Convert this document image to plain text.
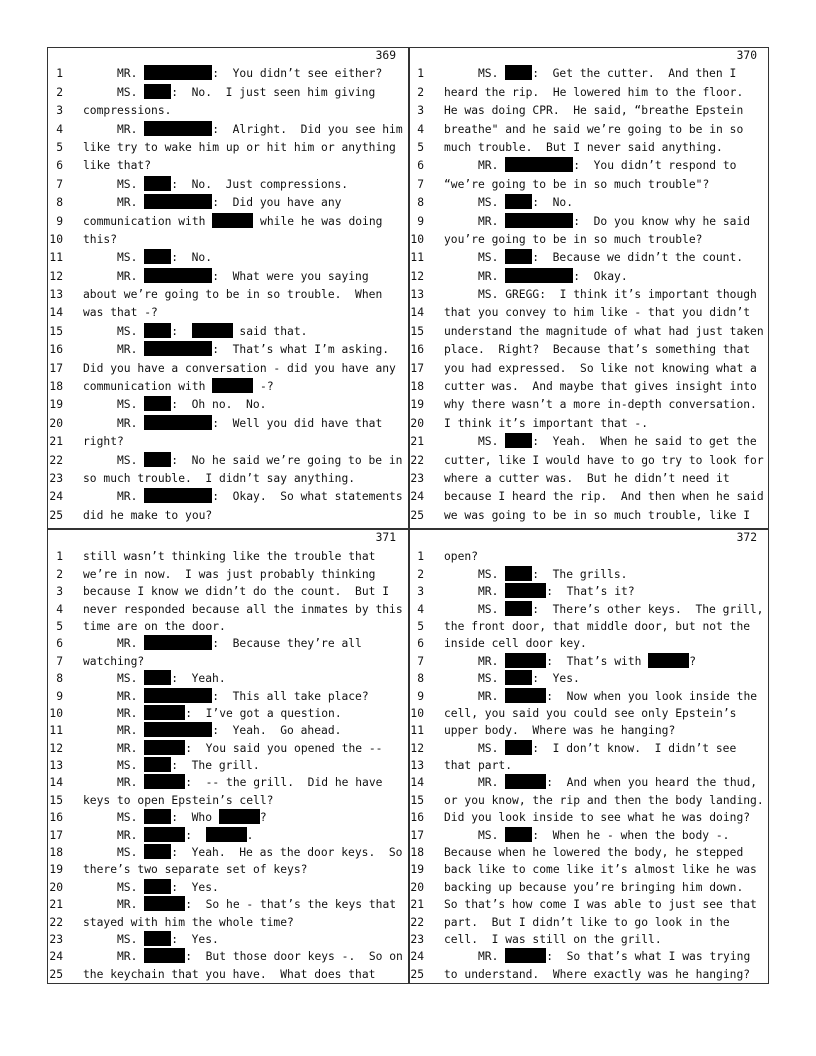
369
1	MR.	:  You didn’t see either?
2	MS. :  No.  I just seen him giving
3 compressions.
4	MR.	:  Alright.  Did you see him
5 like try to wake him up or hit him or anything
6 like that?
7	MS. :  No.  Just compressions.
8	MR.	:  Did you have any
9 communication with	while he was doing
10 this?
11	MS. :  No.
12	MR.	:  What were you saying
13 about we’re going to be in so trouble.  When
14 was that -?
15	MS. :	said that.
16	MR.	:  That’s what I’m asking.
17 Did you have a conversation - did you have any
18 communication with	-?
19	MS. :  Oh no.  No.
20	MR.	:  Well you did have that
21 right?
22	MS. :  No he said we’re going to be in
23 so much trouble.  I didn’t say anything.
24	MR.	:  Okay.  So what statements
25 did he make to you?
370
1	MS. :  Get the cutter.  And then I
2 heard the rip.  He lowered him to the floor.
3 He was doing CPR.  He said, “breathe Epstein
4 breathe" and he said we’re going to be in so
5 much trouble.  But I never said anything.
6	MR.	:  You didn’t respond to
7 “we’re going to be in so much trouble"?
8	MS. :  No.
9	MR.	:  Do you know why he said
10 you’re going to be in so much trouble?
11	MS. :  Because we didn’t the count.
12	MR.	:  Okay.
13	MS. GREGG:  I think it’s important though
14 that you convey to him like - that you didn’t
15 understand the magnitude of what had just taken
16 place.  Right?  Because that’s something that
17 you had expressed.  So like not knowing what a
18 cutter was.  And maybe that gives insight into
19 why there wasn’t a more in-depth conversation.
20 I think it’s important that -.
21	MS. :  Yeah.  When he said to get the
22 cutter, like I would have to go try to look for
23 where a cutter was.  But he didn’t need it
24 because I heard the rip.  And then when he said
25 we was going to be in so much trouble, like I
371
1 still wasn’t thinking like the trouble that
2 we’re in now.  I was just probably thinking
3 because I know we didn’t do the count.  But I
4 never responded because all the inmates by this
5 time are on the door.
6	MR.	:  Because they’re all
7 watching?
8	MS. :  Yeah.
9	MR.	:  This all take place?
10	MR.	:  I’ve got a question.
11	MR.	:  Yeah.  Go ahead.
12	MR.	:  You said you opened the --
13	MS. :  The grill.
14	MR.	:  -- the grill.  Did he have
15 keys to open Epstein’s cell?
16	MS. :  Who	?
17	MR.	:	.
18	MS. :  Yeah.  He as the door keys.  So
19 there’s two separate set of keys?
20	MS. :  Yes.
21	MR.	:  So he - that’s the keys that
22 stayed with him the whole time?
23	MS. :  Yes.
24	MR.	:  But those door keys -.  So on
25 the keychain that you have.  What does that
372
1 open?
2	MS. :  The grills.
3	MR.	:  That’s it?
4	MS. :  There’s other keys.  The grill,
5 the front door, that middle door, but not the
6 inside cell door key.
7	MR.	:  That’s with	?
8	MS. :  Yes.
9	MR.	:  Now when you look inside the
10 cell, you said you could see only Epstein’s
11 upper body.  Where was he hanging?
12	MS. :  I don’t know.  I didn’t see
13 that part.
14	MR.	:  And when you heard the thud,
15 or you know, the rip and then the body landing.
16 Did you look inside to see what he was doing?
17	MS. :  When he - when the body -.
18 Because when he lowered the body, he stepped
19 back like to come like it’s almost like he was
20 backing up because you’re bringing him down.
21 So that’s how come I was able to just see that
22 part.  But I didn’t like to go look in the
23 cell.  I was still on the grill.
24	MR.	:  So that’s what I was trying
25 to understand.  Where exactly was he hanging?
